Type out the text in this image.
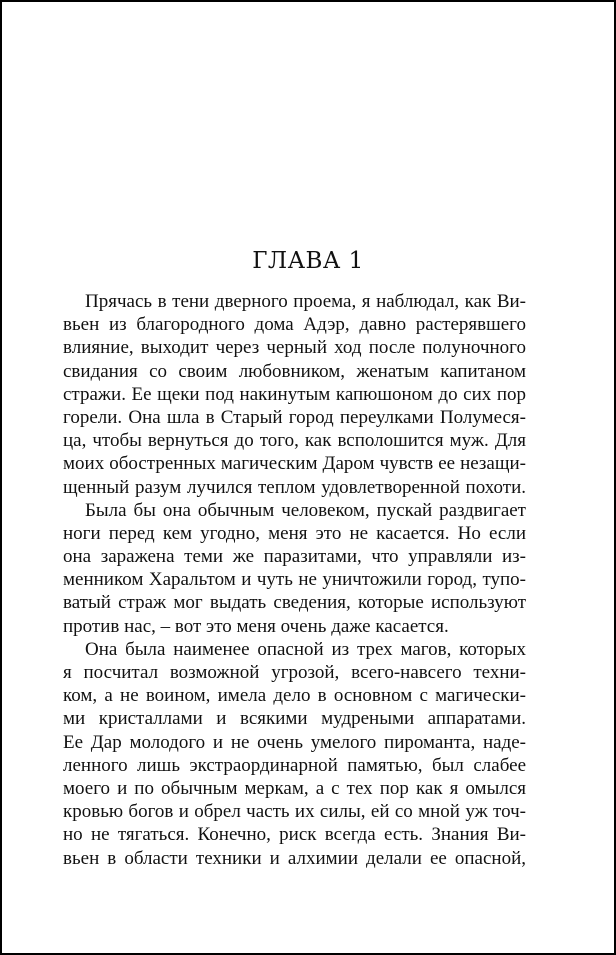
ГЛАВА 1
Прячась в тени дверного проема, я наблюдал, как Ви-
вьен из благородного дома Адэр, давно растерявшего
влияние, выходит через черный ход после полуночного
свидания со своим любовником, женатым капитаном
стражи. Ее щеки под накинутым капюшоном до сих пор
горели. Она шла в Старый город переулками Полумеся-
ца, чтобы вернуться до того, как всполошится муж. Для
моих обостренных магическим Даром чувств ее незащи-
щенный разум лучился теплом удовлетворенной похоти.
Была бы она обычным человеком, пускай раздвигает
ноги перед кем угодно, меня это не касается. Но если
она заражена теми же паразитами, что управляли из-
менником Харальтом и чуть не уничтожили город, тупо-
ватый страж мог выдать сведения, которые используют
против нас, – вот это меня очень даже касается.
Она была наименее опасной из трех магов, которых
я посчитал возможной угрозой, всего-навсего техни-
ком, а не воином, имела дело в основном с магически-
ми кристаллами и всякими мудреными аппаратами.
Ее Дар молодого и не очень умелого пироманта, наде-
ленного лишь экстраординарной памятью, был слабее
моего и по обычным меркам, а с тех пор как я омылся
кровью богов и обрел часть их силы, ей со мной уж точ-
но не тягаться. Конечно, риск всегда есть. Знания Ви-
вьен в области техники и алхимии делали ее опасной,
